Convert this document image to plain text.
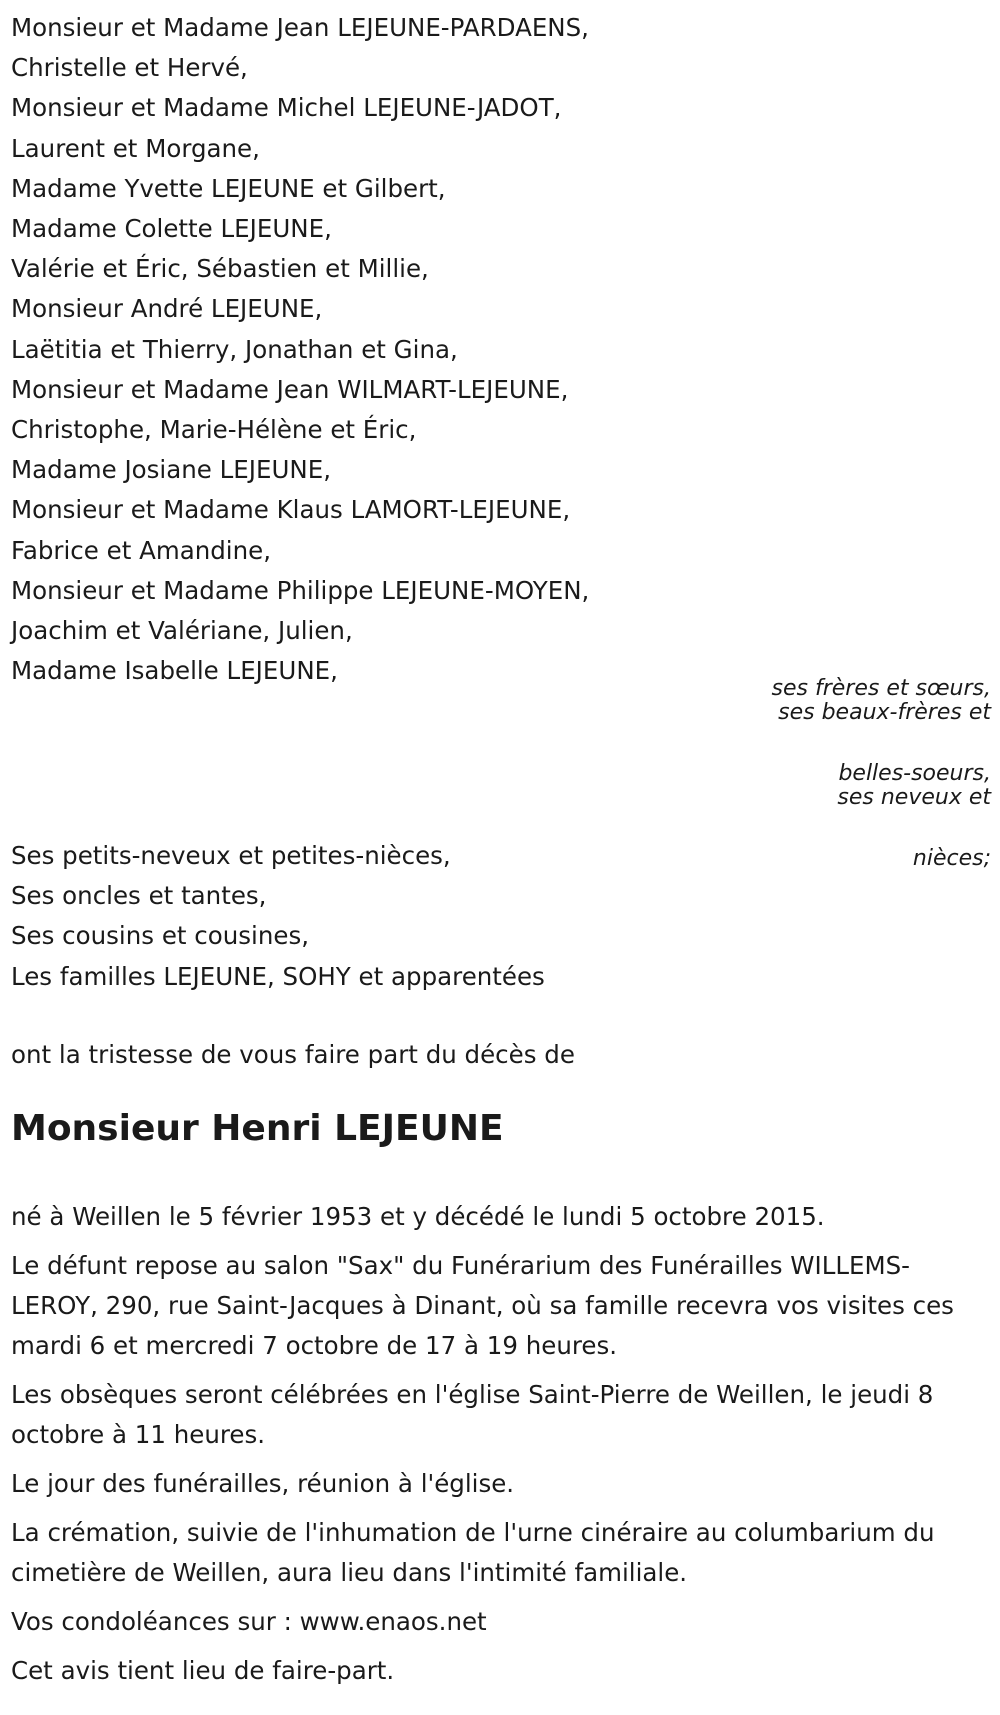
Monsieur et Madame Jean LEJEUNE-PARDAENS,
Christelle et Hervé,
Monsieur et Madame Michel LEJEUNE-JADOT,
Laurent et Morgane,
Madame Yvette LEJEUNE et Gilbert,
Madame Colette LEJEUNE,
Valérie et Éric, Sébastien et Millie,
Monsieur André LEJEUNE,
Laëtitia et Thierry, Jonathan et Gina,
Monsieur et Madame Jean WILMART-LEJEUNE,
Christophe, Marie-Hélène et Éric,
Madame Josiane LEJEUNE,
Monsieur et Madame Klaus LAMORT-LEJEUNE,
Fabrice et Amandine,
Monsieur et Madame Philippe LEJEUNE-MOYEN,
Joachim et Valériane, Julien,
Madame Isabelle LEJEUNE,
ses frères et sœurs,
ses beaux-frères et
belles-soeurs,
ses neveux et
nièces;
Ses petits-neveux et petites-nièces,
Ses oncles et tantes,
Ses cousins et cousines,
Les familles LEJEUNE, SOHY et apparentées
ont la tristesse de vous faire part du décès de
Monsieur Henri LEJEUNE

né à Weillen le 5 février 1953 et y décédé le lundi 5 octobre 2015.

Le défunt repose au salon "Sax" du Funérarium des Funérailles WILLEMS-LEROY, 290, rue Saint-Jacques à Dinant, où sa famille recevra vos visites ces mardi 6 et mercredi 7 octobre de 17 à 19 heures.

Les obsèques seront célébrées en l'église Saint-Pierre de Weillen, le jeudi 8 octobre à 11 heures.

Le jour des funérailles, réunion à l'église.

La crémation, suivie de l'inhumation de l'urne cinéraire au columbarium du cimetière de Weillen, aura lieu dans l'intimité familiale.

Vos condoléances sur : www.enaos.net

Cet avis tient lieu de faire-part.
